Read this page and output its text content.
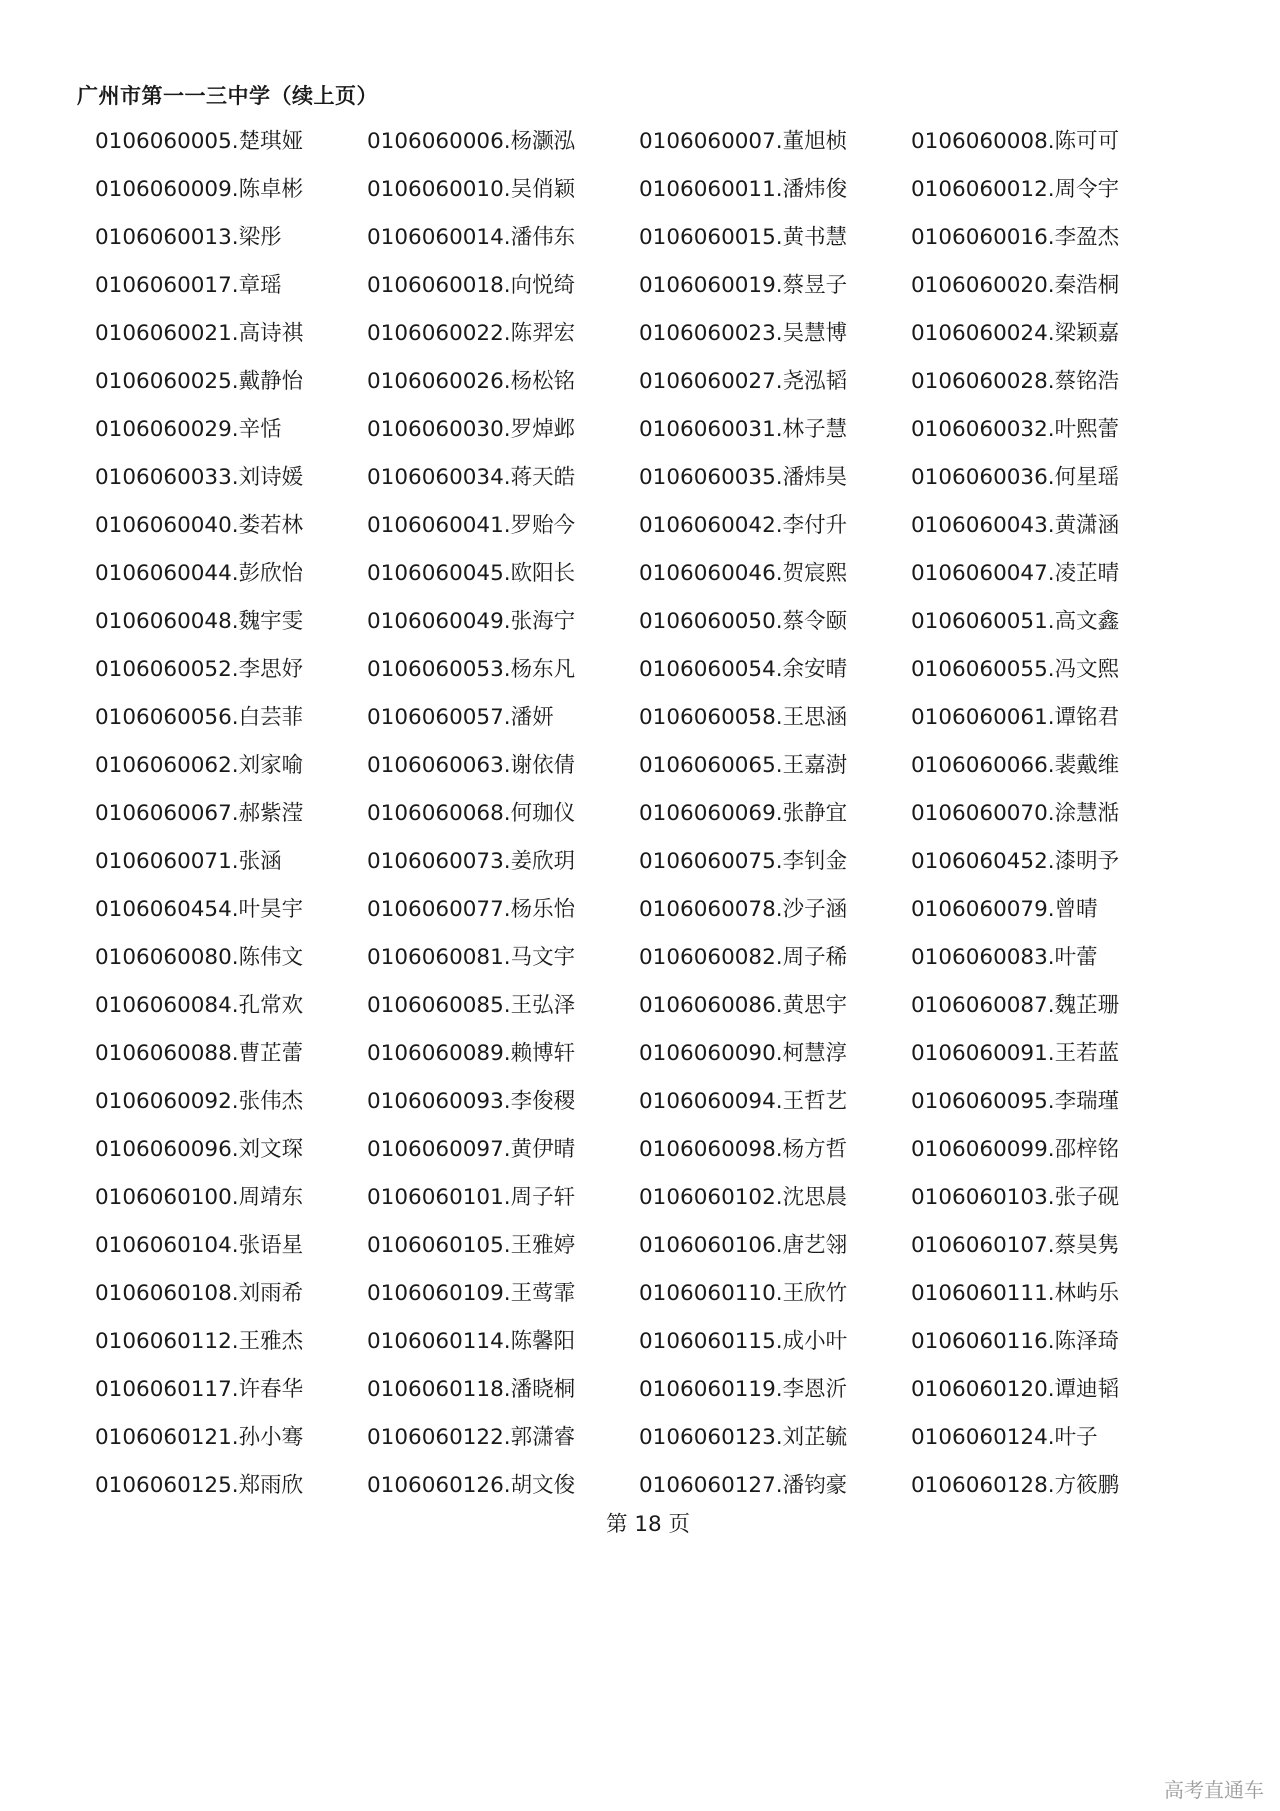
广州市第一一三中学（续上页）
0106060005.楚琪娅	0106060006.杨灏泓	0106060007.董旭桢	0106060008.陈可可
0106060009.陈卓彬	0106060010.吴俏颖	0106060011.潘炜俊	0106060012.周令宇
0106060013.梁彤	0106060014.潘伟东	0106060015.黄书慧	0106060016.李盈杰
0106060017.章瑶	0106060018.向悦绮	0106060019.蔡昱子	0106060020.秦浩桐
0106060021.高诗祺	0106060022.陈羿宏	0106060023.吴慧博	0106060024.梁颖嘉
0106060025.戴静怡	0106060026.杨松铭	0106060027.尧泓韬	0106060028.蔡铭浩
0106060029.辛恬	0106060030.罗焯邺	0106060031.林子慧	0106060032.叶熙蕾
0106060033.刘诗媛	0106060034.蒋天皓	0106060035.潘炜昊	0106060036.何星瑶
0106060040.娄若林	0106060041.罗贻今	0106060042.李付升	0106060043.黄潇涵
0106060044.彭欣怡	0106060045.欧阳长	0106060046.贺宸熙	0106060047.凌芷晴
0106060048.魏宇雯	0106060049.张海宁	0106060050.蔡令颐	0106060051.高文鑫
0106060052.李思妤	0106060053.杨东凡	0106060054.余安晴	0106060055.冯文熙
0106060056.白芸菲	0106060057.潘妍	0106060058.王思涵	0106060061.谭铭君
0106060062.刘家喻	0106060063.谢依倩	0106060065.王嘉澍	0106060066.裴戴维
0106060067.郝紫滢	0106060068.何珈仪	0106060069.张静宜	0106060070.涂慧湉
0106060071.张涵	0106060073.姜欣玥	0106060075.李钊金	0106060452.漆明予
0106060454.叶昊宇	0106060077.杨乐怡	0106060078.沙子涵	0106060079.曾晴
0106060080.陈伟文	0106060081.马文宇	0106060082.周子稀	0106060083.叶蕾
0106060084.孔常欢	0106060085.王弘泽	0106060086.黄思宇	0106060087.魏芷珊
0106060088.曹芷蕾	0106060089.赖博轩	0106060090.柯慧淳	0106060091.王若蓝
0106060092.张伟杰	0106060093.李俊稷	0106060094.王哲艺	0106060095.李瑞瑾
0106060096.刘文琛	0106060097.黄伊晴	0106060098.杨方哲	0106060099.邵梓铭
0106060100.周靖东	0106060101.周子轩	0106060102.沈思晨	0106060103.张子砚
0106060104.张语星	0106060105.王雅婷	0106060106.唐艺翎	0106060107.蔡昊隽
0106060108.刘雨希	0106060109.王莺霏	0106060110.王欣竹	0106060111.林屿乐
0106060112.王雅杰	0106060114.陈馨阳	0106060115.成小叶	0106060116.陈泽琦
0106060117.许春华	0106060118.潘晓桐	0106060119.李恩沂	0106060120.谭迪韬
0106060121.孙小骞	0106060122.郭潇睿	0106060123.刘芷毓	0106060124.叶子
0106060125.郑雨欣	0106060126.胡文俊	0106060127.潘钧豪	0106060128.方筱鹏
第 18 页
高考直通车
